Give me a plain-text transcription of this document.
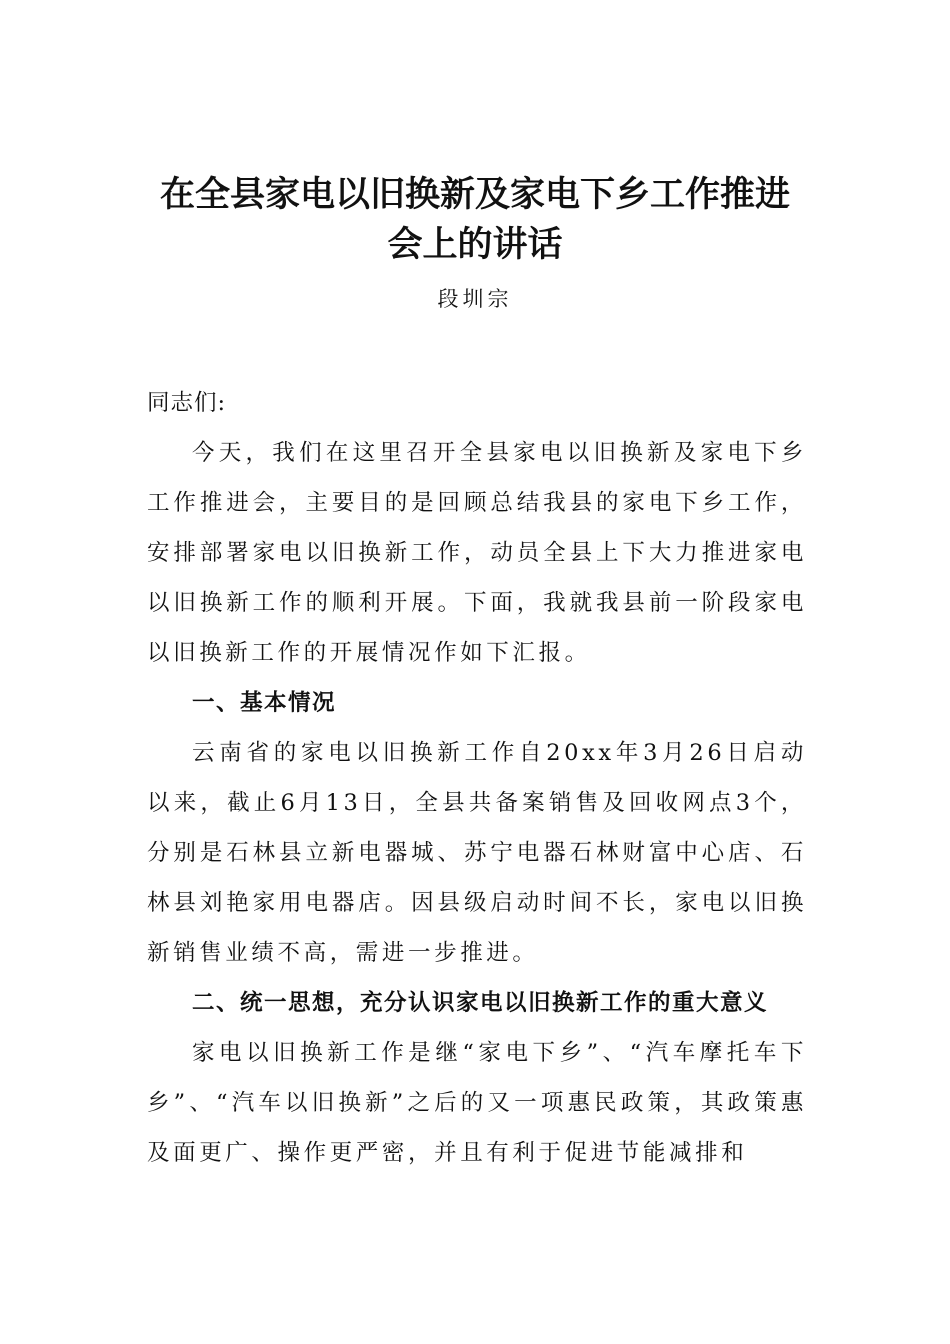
在全县家电以旧换新及家电下乡工作推进
会上的讲话
段圳宗

同志们:

今天，我们在这里召开全县家电以旧换新及家电下乡工作推进会，主要目的是回顾总结我县的家电下乡工作，安排部署家电以旧换新工作，动员全县上下大力推进家电以旧换新工作的顺利开展。下面，我就我县前一阶段家电以旧换新工作的开展情况作如下汇报。

一、基本情况

云南省的家电以旧换新工作自20xx年3月26日启动以来，截止6月13日，全县共备案销售及回收网点3个，分别是石林县立新电器城、苏宁电器石林财富中心店、石林县刘艳家用电器店。因县级启动时间不长，家电以旧换新销售业绩不高，需进一步推进。

二、统一思想，充分认识家电以旧换新工作的重大意义

家电以旧换新工作是继“家电下乡”、“汽车摩托车下乡”、“汽车以旧换新”之后的又一项惠民政策，其政策惠及面更广、操作更严密，并且有利于促进节能减排和
